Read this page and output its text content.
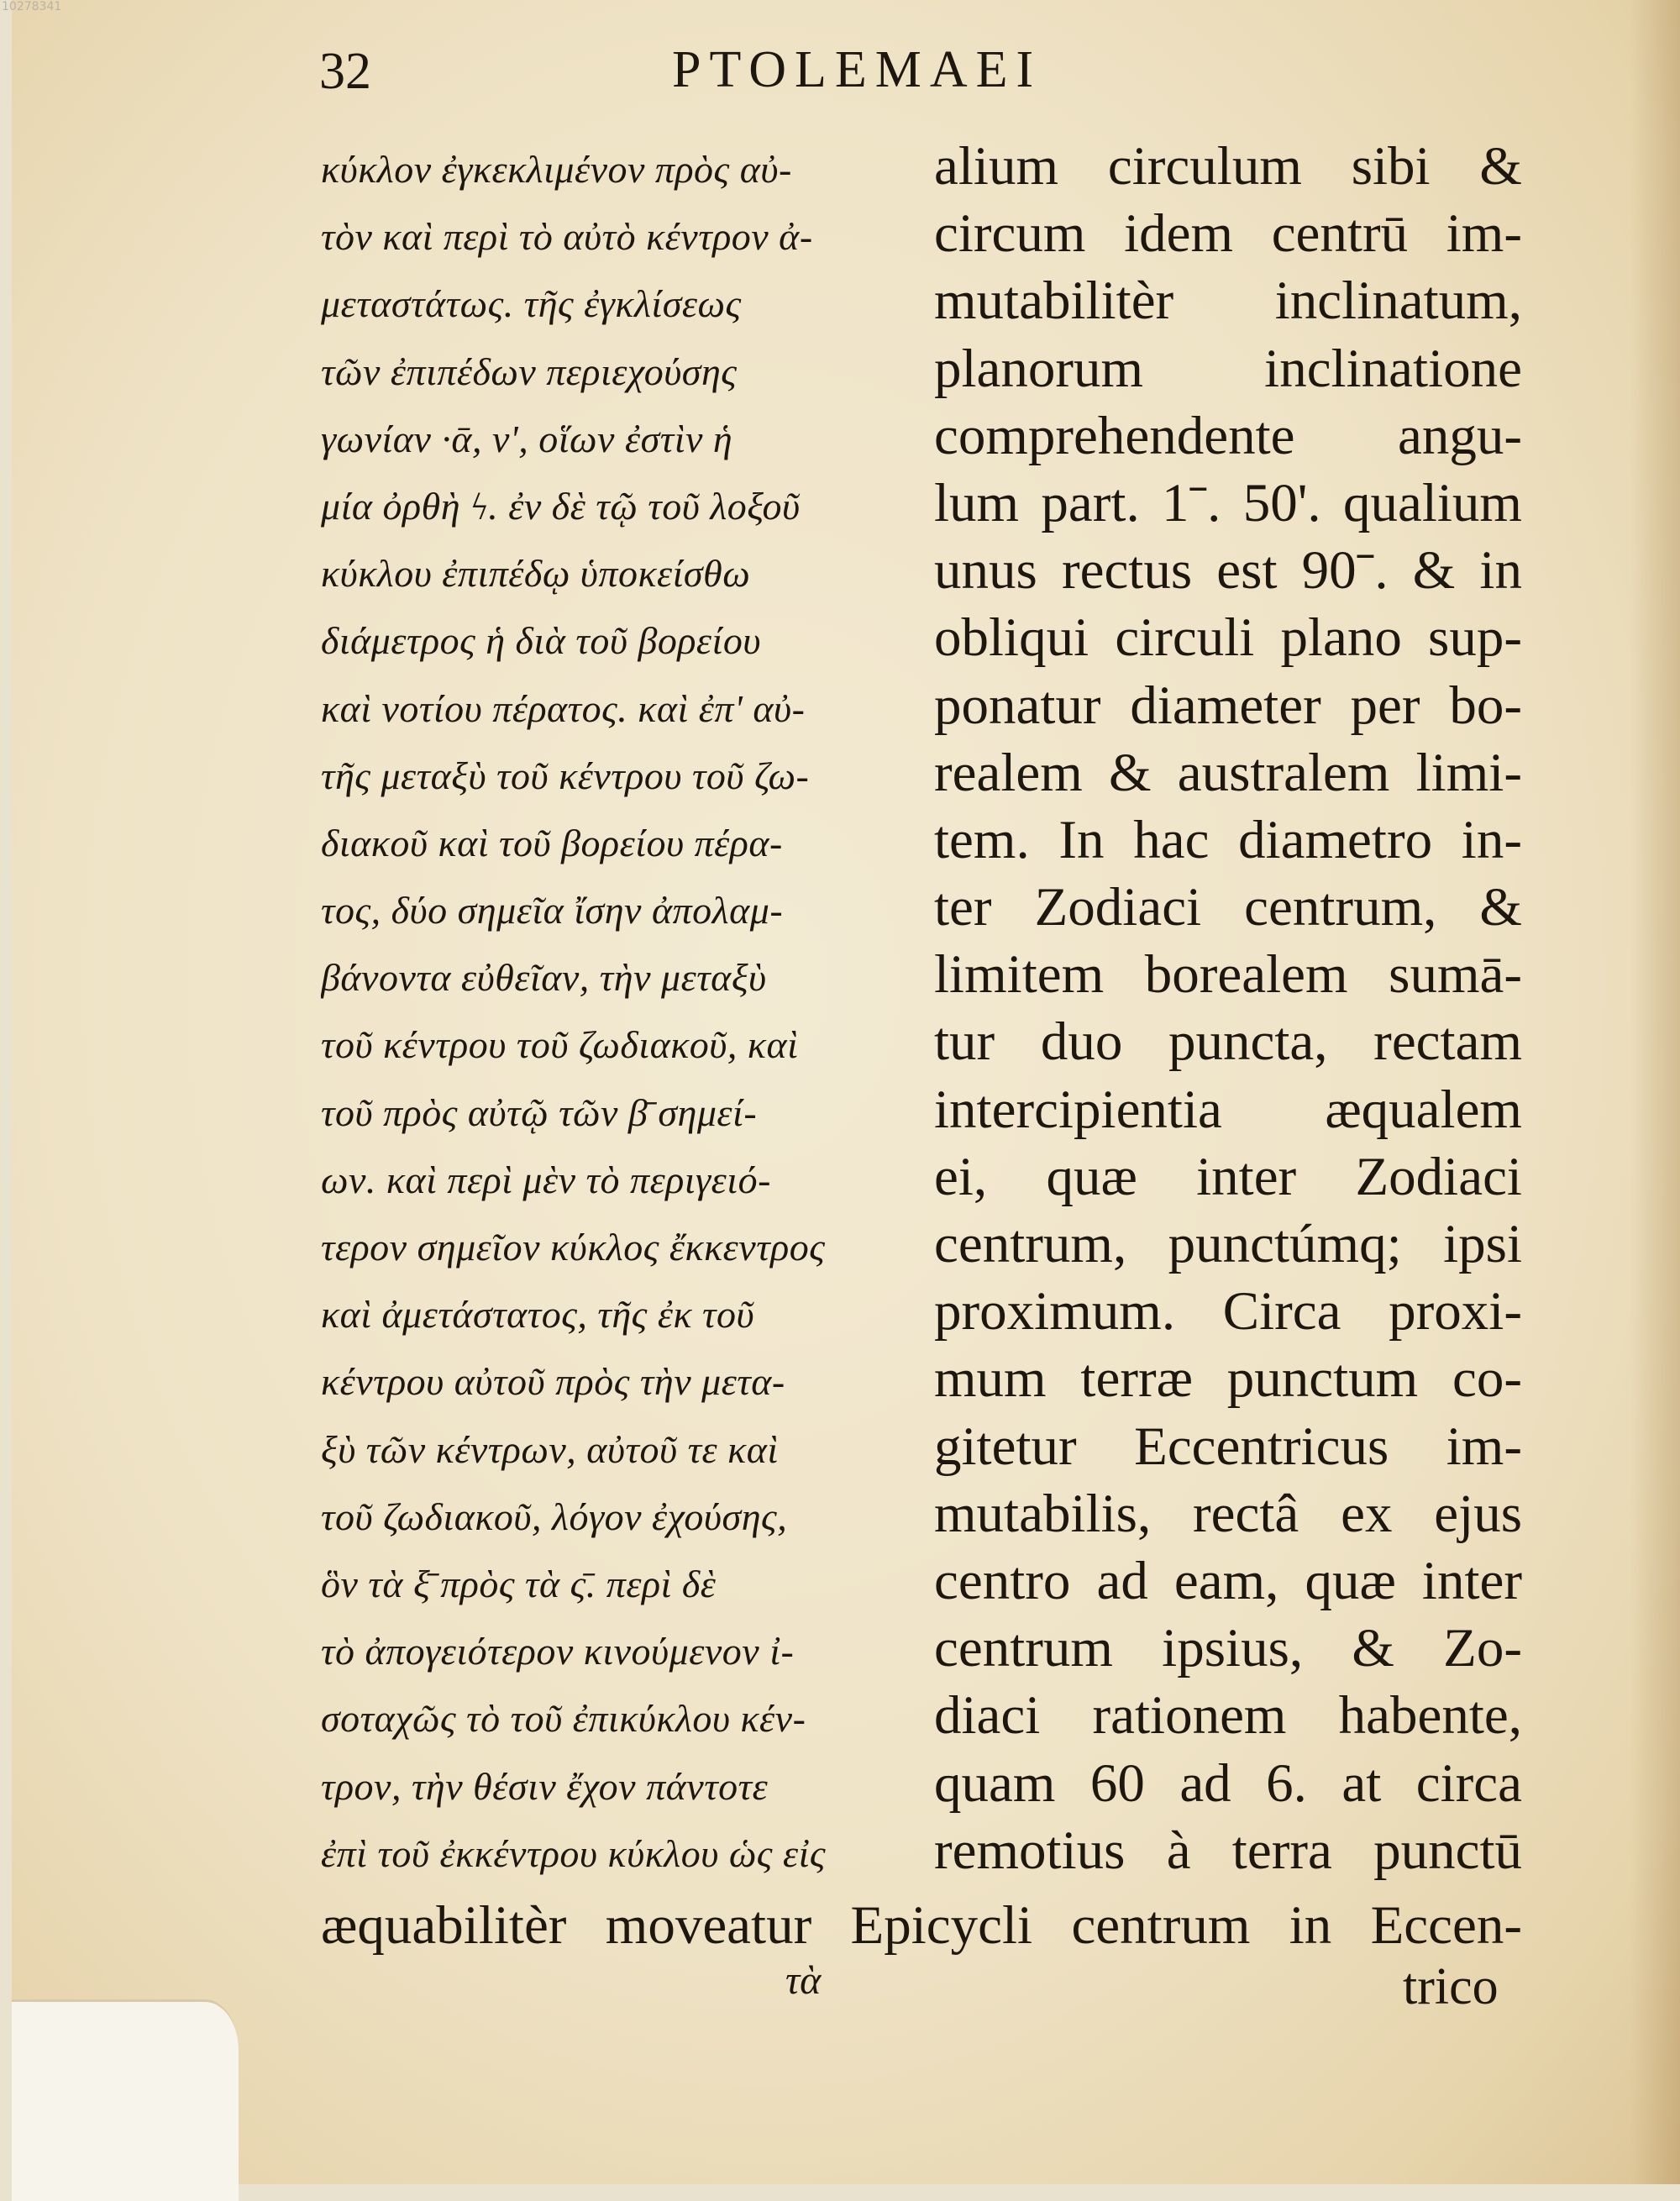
10278341
32	PTOLEMAEI
κύκλον ἐγκεκλιμένον πρὸς αὐ-
τὸν καὶ περὶ τὸ αὐτὸ κέντρον ἀ-
μεταστάτως. τῆς ἐγκλίσεως
τῶν ἐπιπέδων περιεχούσης
γωνίαν ·ᾱ, ν', οἵων ἐστὶν ἡ
μία ὀρθὴ ϟ. ἐν δὲ τῷ τοῦ λοξοῦ
κύκλου ἐπιπέδῳ ὑποκείσθω
διάμετρος ἡ διὰ τοῦ βορείου
καὶ νοτίου πέρατος. καὶ ἐπ' αὐ-
τῆς μεταξὺ τοῦ κέντρου τοῦ ζω-
διακοῦ καὶ τοῦ βορείου πέρα-
τος, δύο σημεῖα ἴσην ἀπολαμ-
βάνοντα εὐθεῖαν, τὴν μεταξὺ
τοῦ κέντρου τοῦ ζωδιακοῦ, καὶ
τοῦ πρὸς αὐτῷ τῶν β̄ σημεί-
ων. καὶ περὶ μὲν τὸ περιγειό-
τερον σημεῖον κύκλος ἔκκεντρος
καὶ ἀμετάστατος, τῆς ἐκ τοῦ
κέντρου αὐτοῦ πρὸς τὴν μετα-
ξὺ τῶν κέντρων, αὐτοῦ τε καὶ
τοῦ ζωδιακοῦ, λόγον ἐχούσης,
ὃν τὰ ξ̄ πρὸς τὰ ς̄. περὶ δὲ
τὸ ἀπογειότερον κινούμενον ἰ-
σοταχῶς τὸ τοῦ ἐπικύκλου κέν-
τρον, τὴν θέσιν ἔχον πάντοτε
ἐπὶ τοῦ ἐκκέντρου κύκλου ὡς εἰς
alium circulum sibi &
circum idem centrū im-
mutabilitèr inclinatum,
planorum inclinatione
comprehendente angu-
lum part. 1ˉ. 50'. qualium
unus rectus est 90ˉ. & in
obliqui circuli plano sup-
ponatur diameter per bo-
realem & australem limi-
tem. In hac diametro in-
ter Zodiaci centrum, &
limitem borealem sumā-
tur duo puncta, rectam
intercipientia æqualem
ei, quæ inter Zodiaci
centrum, punctúmq; ipsi
proximum. Circa proxi-
mum terræ punctum co-
gitetur Eccentricus im-
mutabilis, rectâ ex ejus
centro ad eam, quæ inter
centrum ipsius, & Zo-
diaci rationem habente,
quam 60 ad 6. at circa
remotius à terra punctū
æquabilitèr moveatur Epicycli centrum in Eccen-
τὰ	trico
